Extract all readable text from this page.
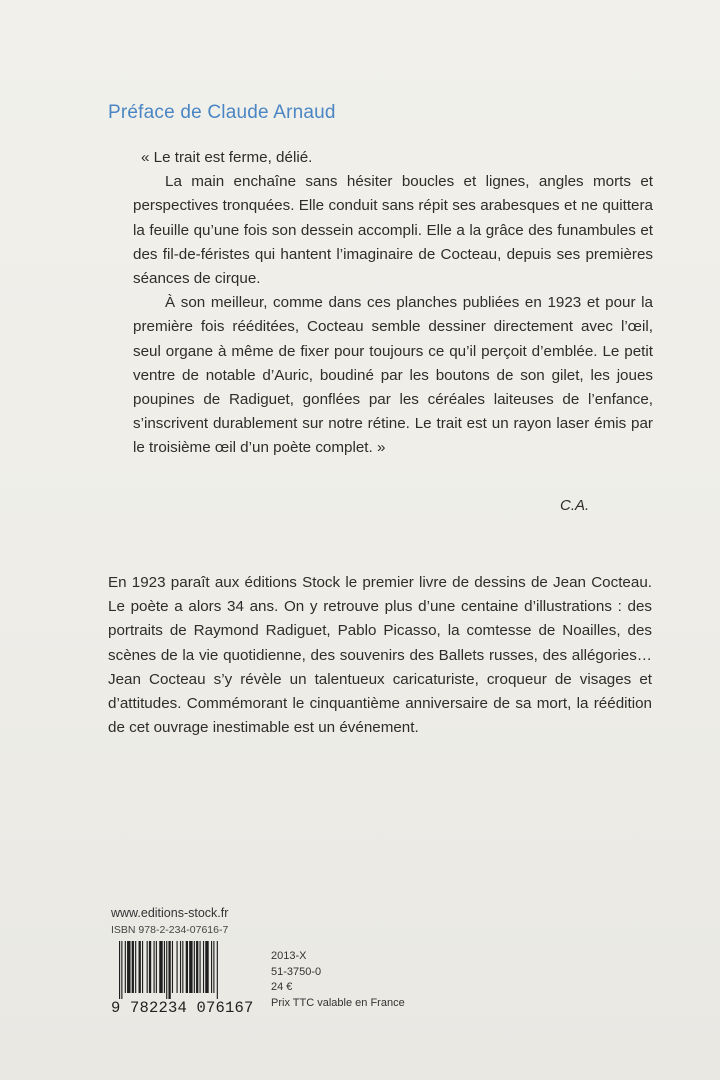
Préface de Claude Arnaud

« Le trait est ferme, délié.

La main enchaîne sans hésiter boucles et lignes, angles morts et perspectives tronquées. Elle conduit sans répit ses arabesques et ne quittera la feuille qu’une fois son dessein accompli. Elle a la grâce des funambules et des fil-de-féristes qui hantent l’imaginaire de Cocteau, depuis ses premières séances de cirque.

À son meilleur, comme dans ces planches publiées en 1923 et pour la première fois rééditées, Cocteau semble dessiner directement avec l’œil, seul organe à même de fixer pour toujours ce qu’il perçoit d’emblée. Le petit ventre de notable d’Auric, boudiné par les boutons de son gilet, les joues poupines de Radiguet, gonflées par les céréales laiteuses de l’enfance, s’inscrivent durablement sur notre rétine. Le trait est un rayon laser émis par le troisième œil d’un poète complet. »

C.A.

En 1923 paraît aux éditions Stock le premier livre de dessins de Jean Cocteau. Le poète a alors 34 ans. On y retrouve plus d’une centaine d’illustrations : des portraits de Raymond Radiguet, Pablo Picasso, la comtesse de Noailles, des scènes de la vie quotidienne, des souvenirs des Ballets russes, des allégories… Jean Cocteau s’y révèle un talentueux caricaturiste, croqueur de visages et d’attitudes. Commémorant le cinquantième anniversaire de sa mort, la réédition de cet ouvrage inestimable est un événement.

www.editions-stock.fr
ISBN 978-2-234-07616-7
9 782234 076167
2013-X
51-3750-0
24 €
Prix TTC valable en France
